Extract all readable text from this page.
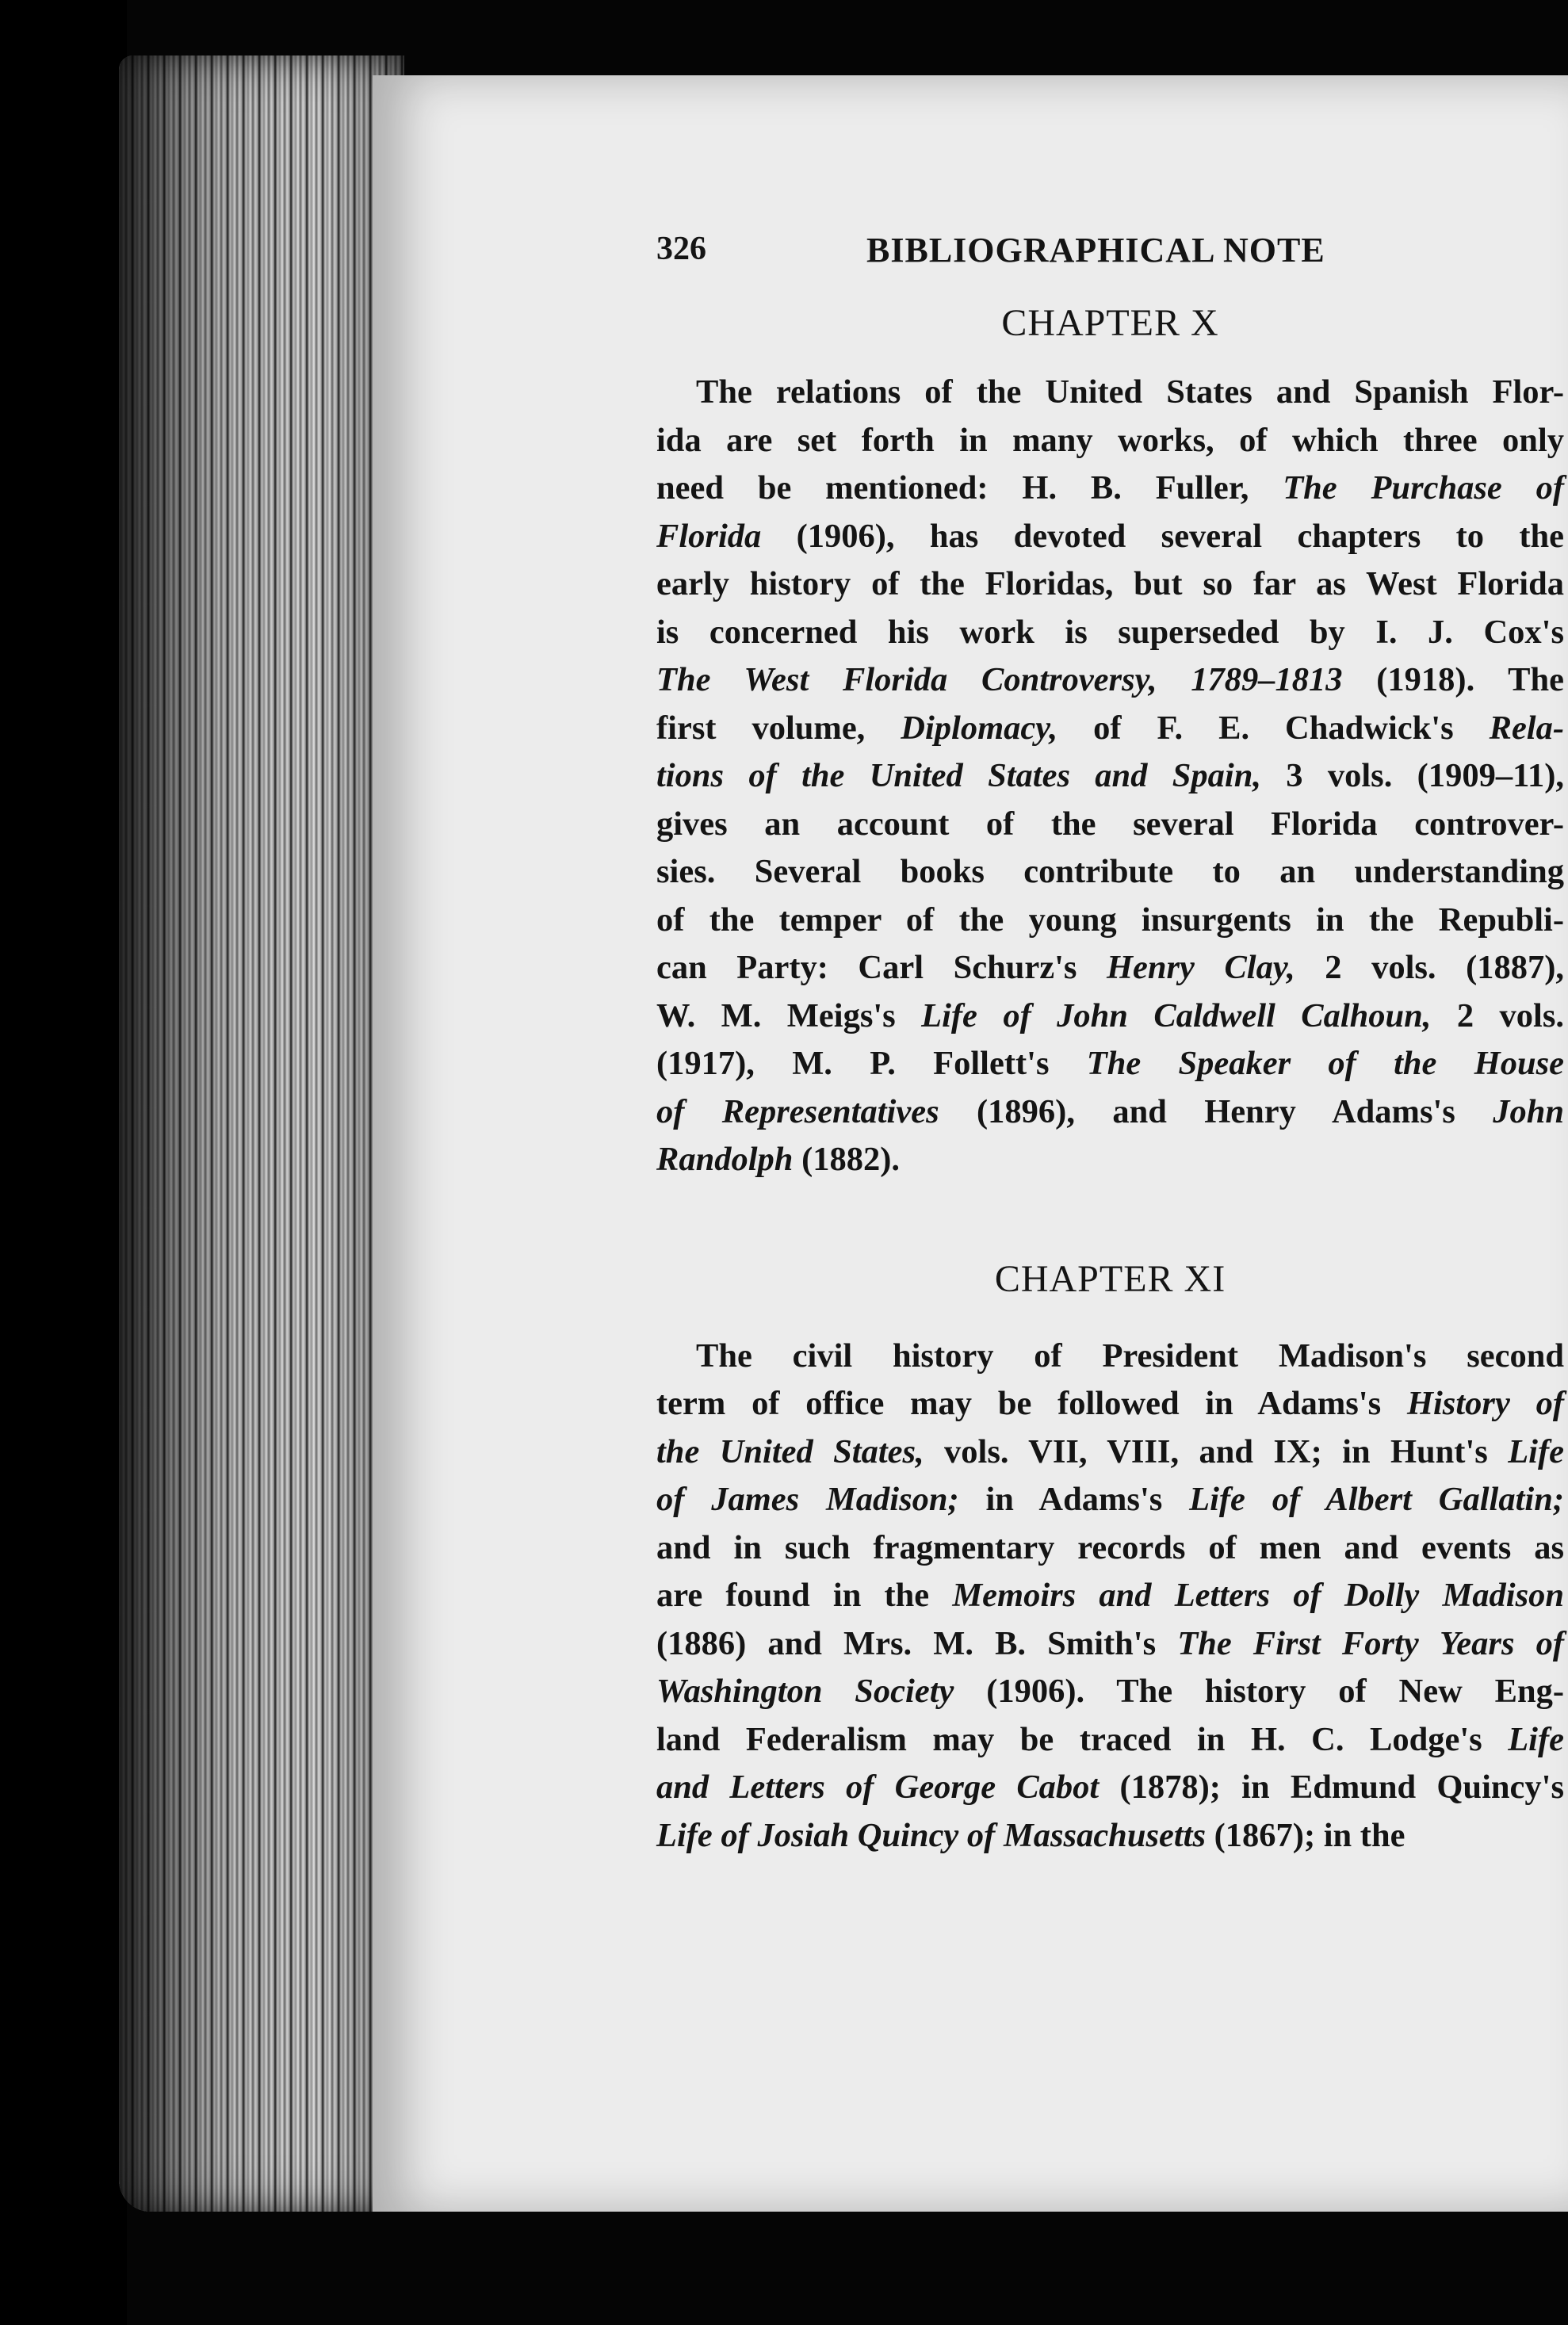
326	BIBLIOGRAPHICAL NOTE
CHAPTER X

The relations of the United States and Spanish Flor-

ida are set forth in many works, of which three only

need be mentioned: H. B. Fuller, The Purchase of

Florida (1906), has devoted several chapters to the

early history of the Floridas, but so far as West Florida

is concerned his work is superseded by I. J. Cox's

The West Florida Controversy, 1789–1813 (1918). The

first volume, Diplomacy, of F. E. Chadwick's Rela-

tions of the United States and Spain, 3 vols. (1909–11),

gives an account of the several Florida controver-

sies. Several books contribute to an understanding

of the temper of the young insurgents in the Republi-

can Party: Carl Schurz's Henry Clay, 2 vols. (1887),

W. M. Meigs's Life of John Caldwell Calhoun, 2 vols.

(1917), M. P. Follett's The Speaker of the House

of Representatives (1896), and Henry Adams's John

Randolph (1882).

CHAPTER XI

The civil history of President Madison's second

term of office may be followed in Adams's History of

the United States, vols. VII, VIII, and IX; in Hunt's Life

of James Madison; in Adams's Life of Albert Gallatin;

and in such fragmentary records of men and events as

are found in the Memoirs and Letters of Dolly Madison

(1886) and Mrs. M. B. Smith's The First Forty Years of

Washington Society (1906). The history of New Eng-

land Federalism may be traced in H. C. Lodge's Life

and Letters of George Cabot (1878); in Edmund Quincy's

Life of Josiah Quincy of Massachusetts (1867); in the
